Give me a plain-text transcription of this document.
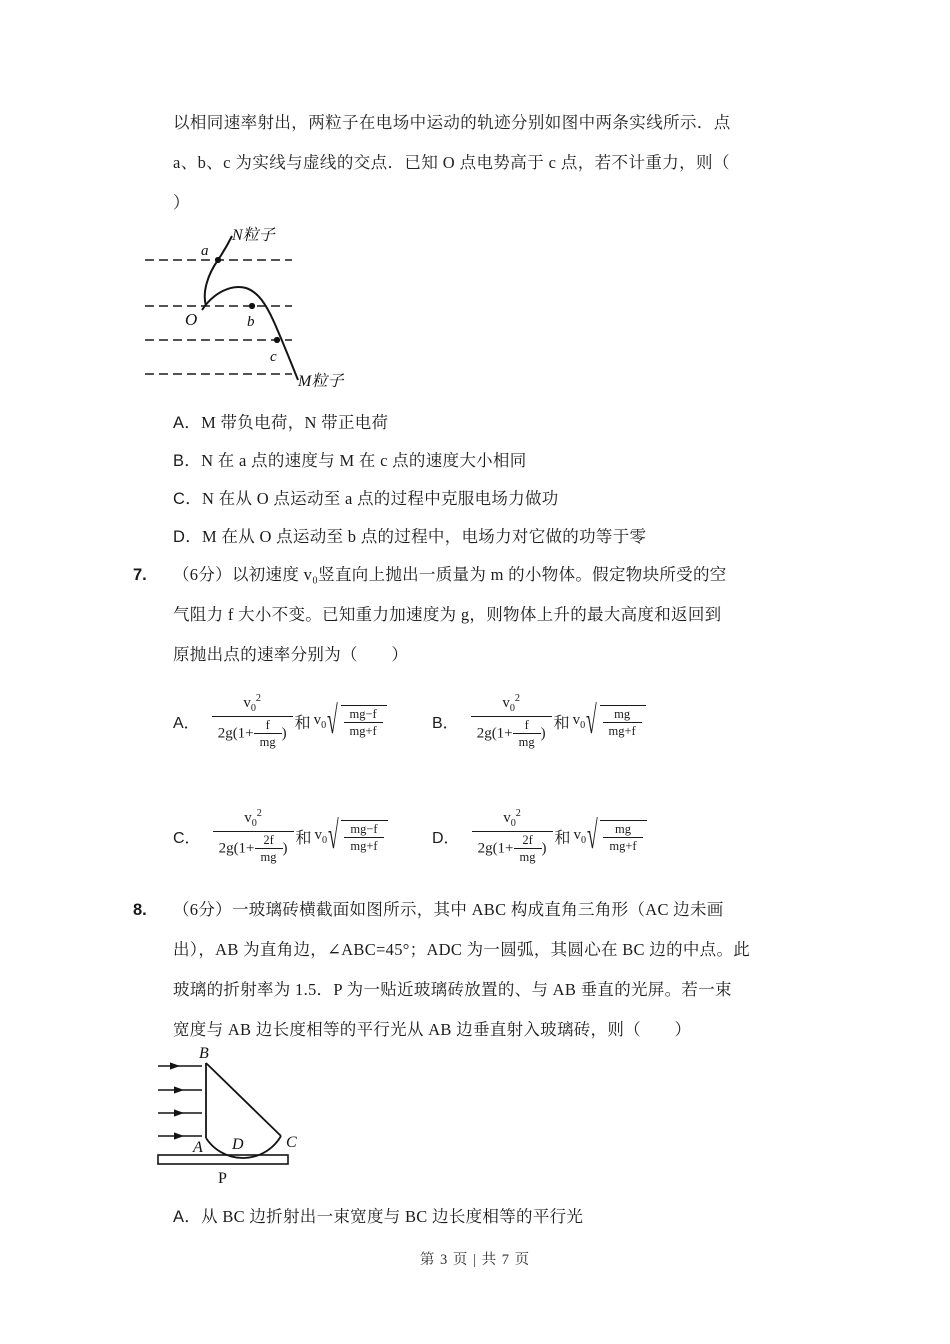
以相同速率射出，两粒子在电场中运动的轨迹分别如图中两条实线所示．点
a、b、c 为实线与虚线的交点．已知 O 点电势高于 c 点，若不计重力，则（
）
a
b
c
O
N粒子
M粒子
A．M 带负电荷，N 带正电荷
B．N 在 a 点的速度与 M 在 c 点的速度大小相同
C．N 在从 O 点运动至 a 点的过程中克服电场力做功
D．M 在从 O 点运动至 b 点的过程中，电场力对它做的功等于零
7.	（6分）以初速度 v₀竖直向上抛出一质量为 m 的小物体。假定物块所受的空
气阻力 f 大小不变。已知重力加速度为 g，则物体上升的最大高度和返回到
原抛出点的速率分别为（　　）
A． $\frac{v_0^2}{2g(1+ \frac{f}{mg} )}$ 和 $v_0$ √ $\frac{mg-f}{mg+f}$	B． $\frac{v_0^2}{2g(1+ \frac{f}{mg} )}$ 和 $v_0$ √ $\frac{mg}{mg+f}$
C． $\frac{v_0^2}{2g(1+ \frac{2f}{mg} )}$ 和 $v_0$ √ $\frac{mg-f}{mg+f}$	D． $\frac{v_0^2}{2g(1+ \frac{2f}{mg} )}$ 和 $v_0$ √ $\frac{mg}{mg+f}$
8.	（6分）一玻璃砖横截面如图所示，其中 ABC 构成直角三角形（AC 边未画
出），AB 为直角边，∠ABC=45°；ADC 为一圆弧，其圆心在 BC 边的中点。此
玻璃的折射率为 1.5．P 为一贴近玻璃砖放置的、与 AB 垂直的光屏。若一束
宽度与 AB 边长度相等的平行光从 AB 边垂直射入玻璃砖，则（　　）
B
A	C
D
P
A．从 BC 边折射出一束宽度与 BC 边长度相等的平行光
第 3 页 | 共 7 页
